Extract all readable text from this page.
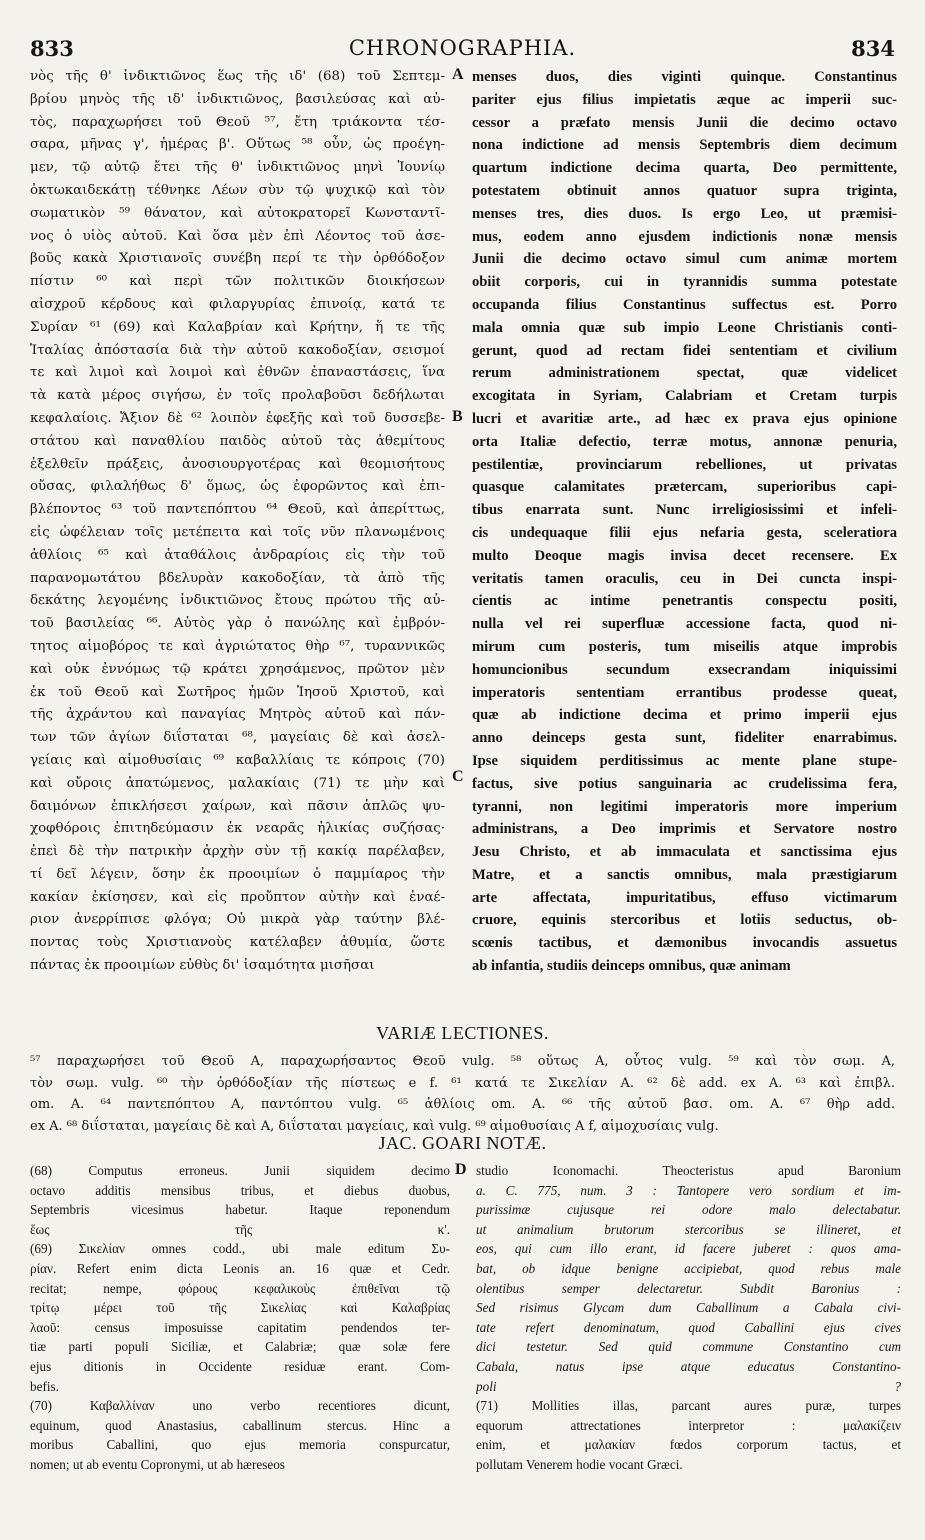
833	CHRONOGRAPHIA.	834
νὸς τῆς θ' ἰνδικτιῶνος ἕως τῆς ιδ' (68) τοῦ Σεπτεμ-
βρίου μηνὸς τῆς ιδ' ἰνδικτιῶνος, βασιλεύσας καὶ αὐ-
τὸς, παραχωρήσει τοῦ Θεοῦ ⁵⁷, ἔτη τριάκοντα τέσ-
σαρα, μῆνας γ', ἡμέρας β'. Οὕτως ⁵⁸ οὖν, ὡς προέγη-
μεν, τῷ αὐτῷ ἔτει τῆς θ' ἰνδικτιῶνος μηνὶ Ἰουνίῳ
ὀκτωκαιδεκάτῃ τέθνηκε Λέων σὺν τῷ ψυχικῷ καὶ τὸν
σωματικὸν ⁵⁹ θάνατον, καὶ αὐτοκρατορεῖ Κωνσταντῖ-
νος ὁ υἱὸς αὐτοῦ. Καὶ ὅσα μὲν ἐπὶ Λέοντος τοῦ ἀσε-
βοῦς κακὰ Χριστιανοῖς συνέβη περί τε τὴν ὀρθόδοξον
πίστιν ⁶⁰ καὶ περὶ τῶν πολιτικῶν διοικήσεων
αἰσχροῦ κέρδους καὶ φιλαργυρίας ἐπινοίᾳ, κατά τε
Συρίαν ⁶¹ (69) καὶ Καλαβρίαν καὶ Κρήτην, ἥ τε τῆς
Ἰταλίας ἀπόστασία διὰ τὴν αὐτοῦ κακοδοξίαν, σεισμοί
τε καὶ λιμοὶ καὶ λοιμοὶ καὶ ἐθνῶν ἐπαναστάσεις, ἵνα
τὰ κατὰ μέρος σιγήσω, ἐν τοῖς προλαβοῦσι δεδήλωται
κεφαλαίοις. Ἄξιον δὲ ⁶² λοιπὸν ἐφεξῆς καὶ τοῦ δυσσεβε-
στάτου καὶ παναθλίου παιδὸς αὐτοῦ τὰς ἀθεμίτους
ἐξελθεῖν πράξεις, ἀνοσιουργοτέρας καὶ θεομισήτους
οὔσας, φιλαλήθως δ' ὅμως, ὡς ἐφορῶντος καὶ ἐπι-
βλέποντος ⁶³ τοῦ παντεπόπτου ⁶⁴ Θεοῦ, καὶ ἀπερίττως,
εἰς ὠφέλειαν τοῖς μετέπειτα καὶ τοῖς νῦν πλανωμένοις
ἀθλίοις ⁶⁵ καὶ ἀταθάλοις ἀνδραρίοις εἰς τὴν τοῦ
παρανομωτάτου βδελυρὰν κακοδοξίαν, τὰ ἀπὸ τῆς
δεκάτης λεγομένης ἰνδικτιῶνος ἔτους πρώτου τῆς αὐ-
τοῦ βασιλείας ⁶⁶. Αὐτὸς γὰρ ὁ πανώλης καὶ ἐμβρόν-
τητος αἱμοβόρος τε καὶ ἀγριώτατος θὴρ ⁶⁷, τυραννικῶς
καὶ οὐκ ἐννόμως τῷ κράτει χρησάμενος, πρῶτον μὲν
ἐκ τοῦ Θεοῦ καὶ Σωτῆρος ἡμῶν Ἰησοῦ Χριστοῦ, καὶ
τῆς ἀχράντου καὶ παναγίας Μητρὸς αὐτοῦ καὶ πάν-
των τῶν ἁγίων διΐσταται ⁶⁸, μαγείαις δὲ καὶ ἀσελ-
γείαις καὶ αἱμοθυσίαις ⁶⁹ καβαλλίαις τε κόπροις (70)
καὶ οὔροις ἀπατώμενος, μαλακίαις (71) τε μὴν καὶ
δαιμόνων ἐπικλήσεσι χαίρων, καὶ πᾶσιν ἁπλῶς ψυ-
χοφθόροις ἐπιτηδεύμασιν ἐκ νεαρᾶς ἡλικίας συζήσας·
ἐπεὶ δὲ τὴν πατρικὴν ἀρχὴν σὺν τῇ κακίᾳ παρέλαβεν,
τί δεῖ λέγειν, ὅσην ἐκ προοιμίων ὁ παμμίαρος τὴν
κακίαν ἐκίσησεν, καὶ εἰς προὔπτον αὐτὴν καὶ ἐναέ-
ριον ἀνερρίπισε φλόγα; Οὐ μικρὰ γὰρ ταύτην βλέ-
ποντας τοὺς Χριστιανοὺς κατέλαβεν ἀθυμία, ὥστε
πάντας ἐκ προοιμίων εὐθὺς δι' ἰσαμότητα μισῆσαι
menses duos, dies viginti quinque. Constantinus
pariter ejus filius impietatis æque ac imperii suc-
cessor a præfato mensis Junii die decimo octavo
nona indictione ad mensis Septembris diem decimum
quartum indictione decima quarta, Deo permittente,
potestatem obtinuit annos quatuor supra triginta,
menses tres, dies duos. Is ergo Leo, ut præmisi-
mus, eodem anno ejusdem indictionis nonæ mensis
Junii die decimo octavo simul cum animæ mortem
obiit corporis, cui in tyrannidis summa potestate
occupanda filius Constantinus suffectus est. Porro
mala omnia quæ sub impio Leone Christianis conti-
gerunt, quod ad rectam fidei sententiam et civilium
rerum administrationem spectat, quæ videlicet
excogitata in Syriam, Calabriam et Cretam turpis
lucri et avaritiæ arte., ad hæc ex prava ejus opinione
orta Italiæ defectio, terræ motus, annonæ penuria,
pestilentiæ, provinciarum rebelliones, ut privatas
quasque calamitates prætercam, superioribus capi-
tibus enarrata sunt. Nunc irreligiosissimi et infeli-
cis undequaque filii ejus nefaria gesta, sceleratiora
multo Deoque magis invisa decet recensere. Ex
veritatis tamen oraculis, ceu in Dei cuncta inspi-
cientis ac intime penetrantis conspectu positi,
nulla vel rei superfluæ accessione facta, quod ni-
mirum cum posteris, tum miseilis atque improbis
homuncionibus secundum exsecrandam iniquissimi
imperatoris sententiam errantibus prodesse queat,
quæ ab indictione decima et primo imperii ejus
anno deinceps gesta sunt, fideliter enarrabimus.
Ipse siquidem perditissimus ac mente plane stupe-
factus, sive potius sanguinaria ac crudelissima fera,
tyranni, non legitimi imperatoris more imperium
administrans, a Deo imprimis et Servatore nostro
Jesu Christo, et ab immaculata et sanctissima ejus
Matre, et a sanctis omnibus, mala præstigiarum
arte affectata, impuritatibus, effuso victimarum
cruore, equinis stercoribus et lotiis seductus, ob-
scœnis tactibus, et dæmonibus invocandis assuetus
ab infantia, studiis deinceps omnibus, quæ animam
A
B
C
D
VARIÆ LECTIONES.
⁵⁷ παραχωρήσει τοῦ Θεοῦ A, παραχωρήσαντος Θεοῦ vulg. ⁵⁸ οὕτως A, οὗτος vulg. ⁵⁹ καὶ τὸν σωμ. A,
τὸν σωμ. vulg. ⁶⁰ τὴν ὀρθόδοξίαν τῆς πίστεως e f. ⁶¹ κατά τε Σικελίαν A. ⁶² δὲ add. ex A. ⁶³ καὶ ἐπιβλ.
om. A. ⁶⁴ παντεπόπτου A, παντόπτου vulg. ⁶⁵ ἀθλίοις om. A. ⁶⁶ τῆς αὐτοῦ βασ. om. A. ⁶⁷ θὴρ add.
ex A. ⁶⁸ διΐσταται, μαγείαις δὲ καὶ A, διΐσταται μαγείαις, καὶ vulg. ⁶⁹ αἱμοθυσίαις A f, αἱμοχυσίαις vulg.
JAC. GOARI NOTÆ.
(68) Computus erroneus. Junii siquidem decimo
octavo additis mensibus tribus, et diebus duobus,
Septembris vicesimus habetur. Itaque reponendum
ἕως τῆς κ'.
(69) Σικελίαν omnes codd., ubi male editum Συ-
ρίαν. Refert enim dicta Leonis an. 16 quæ et Cedr.
recitat; nempe, φόρους κεφαλικοὺς ἐπιθεῖναι τῷ
τρίτῳ μέρει τοῦ τῆς Σικελίας καὶ Καλαβρίας
λαοῦ: census imposuisse capitatim pendendos ter-
tiæ parti populi Siciliæ, et Calabriæ; quæ solæ fere
ejus ditionis in Occidente residuæ erant. Com-
befis.
(70) Καβαλλίναν uno verbo recentiores dicunt,
equinum, quod Anastasius, caballinum stercus. Hinc a
moribus Caballini, quo ejus memoria conspurcatur,
nomen; ut ab eventu Copronymi, ut ab hæreseos
studio Iconomachi. Theocteristus apud Baronium
a. C. 775, num. 3 : Tantopere vero sordium et im-
purissimæ cujusque rei odore malo delectabatur.
ut animalium brutorum stercoribus se illineret, et
eos, qui cum illo erant, id facere juberet : quos ama-
bat, ob idque benigne accipiebat, quod rebus male
olentibus semper delectaretur. Subdit Baronius :
Sed risimus Glycam dum Caballinum a Cabala civi-
tate refert denominatum, quod Caballini ejus cives
dici testetur. Sed quid commune Constantino cum
Cabala, natus ipse atque educatus Constantino-
poli ?
(71) Mollities illas, parcant aures puræ, turpes
equorum attrectationes interpretor : μαλακίζειν
enim, et μαλακίαν fœdos corporum tactus, et
pollutam Venerem hodie vocant Græci.
